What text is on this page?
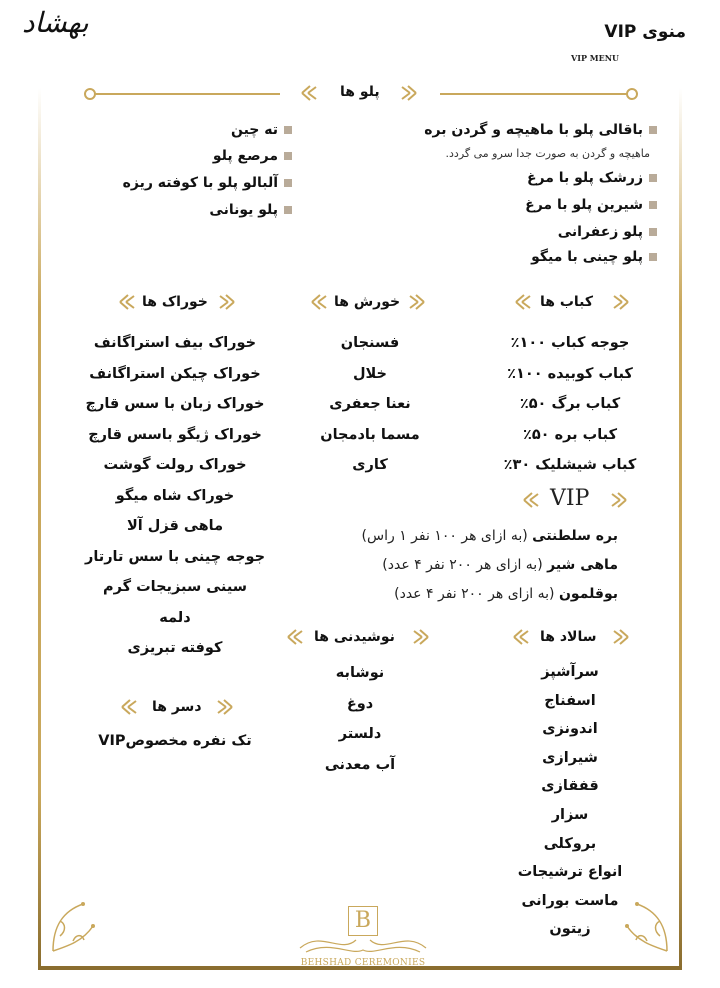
بهشاد	منوی VIP
VIP MENU
پلو ها
باقالی پلو با ماهیچه و گردن بره
ماهیچه و گردن به صورت جدا سرو می گردد.
زرشک پلو با مرغ
شیرین پلو با مرغ
پلو زعفرانی
پلو چینی با میگو
ته چین
مرصع پلو
آلبالو پلو با کوفته ریزه
پلو یونانی
کباب ها
خورش ها
خوراک ها
جوجه کباب ۱۰۰٪
کباب کوبیده ۱۰۰٪
کباب برگ ۵۰٪
کباب بره ۵۰٪
کباب شیشلیک ۳۰٪
فسنجان
خلال
نعنا جعفری
مسما بادمجان
کاری
خوراک بیف استراگانف
خوراک چیکن استراگانف
خوراک زبان با سس قارچ
خوراک ژیگو باسس قارچ
خوراک رولت گوشت
خوراک شاه میگو
ماهی قزل آلا
جوجه چینی با سس تارتار
سینی سبزیجات گرم
دلمه
کوفته تبریزی
VIP
بره سلطنتی (به ازای هر ۱۰۰ نفر ۱ راس)
ماهی شیر (به ازای هر ۲۰۰ نفر ۴ عدد)
بوقلمون (به ازای هر ۲۰۰ نفر ۴ عدد)
دسر ها
تک نفره مخصوصVIP
نوشیدنی ها
نوشابه
دوغ
دلستر
آب معدنی
سالاد ها
سرآشپز
اسفناج
اندونزی
شیرازی
قفقازی
سزار
بروکلی
انواع ترشیجات
ماست بورانی
زیتون
B
BEHSHAD CEREMONIES
